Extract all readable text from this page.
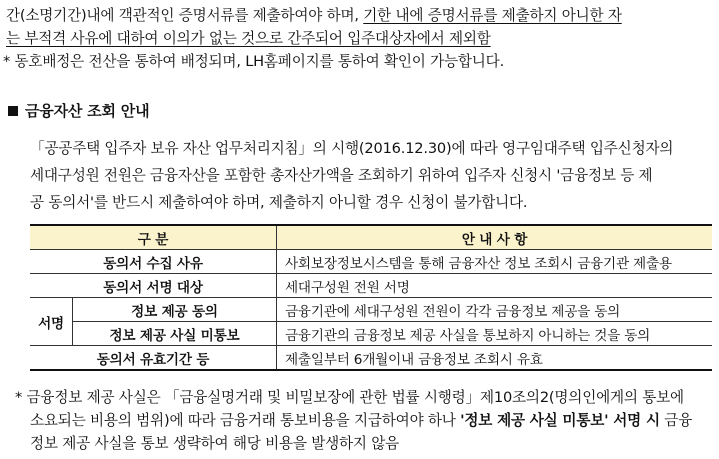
간(소명기간)내에 객관적인 증명서류를 제출하여야 하며, 기한 내에 증명서류를 제출하지 아니한 자
는 부적격 사유에 대하여 이의가 없는 것으로 간주되어 입주대상자에서 제외함
* 동호배정은 전산을 통하여 배정되며, LH홈페이지를 통하여 확인이 가능합니다.
금융자산 조회 안내
「공공주택 입주자 보유 자산 업무처리지침」의 시행(2016.12.30)에 따라 영구임대주택 입주신청자의
세대구성원 전원은 금융자산을 포함한 총자산가액을 조회하기 위하여 입주자 신청시 '금융정보 등 제
공 동의서'를 반드시 제출하여야 하며, 제출하지 아니할 경우 신청이 불가합니다.
구 분		안 내 사 항
동의서 수집 사유		사회보장정보시스템을 통해 금융자산 정보 조회시 금융기관 제출용
동의서 서명 대상		세대구성원 전원 서명
서명	정보 제공 동의	금융기관에 세대구성원 전원이 각각 금융정보 제공을 동의
	정보 제공 사실 미통보	금융기관의 금융정보 제공 사실을 통보하지 아니하는 것을 동의
동의서 유효기간 등		제출일부터 6개월이내 금융정보 조회시 유효
* 금융정보 제공 사실은 「금융실명거래 및 비밀보장에 관한 법률 시행령」제10조의2(명의인에게의 통보에
소요되는 비용의 범위)에 따라 금융거래 통보비용을 지급하여야 하나 '정보 제공 사실 미통보' 서명 시 금융
정보 제공 사실을 통보 생략하여 해당 비용을 발생하지 않음
